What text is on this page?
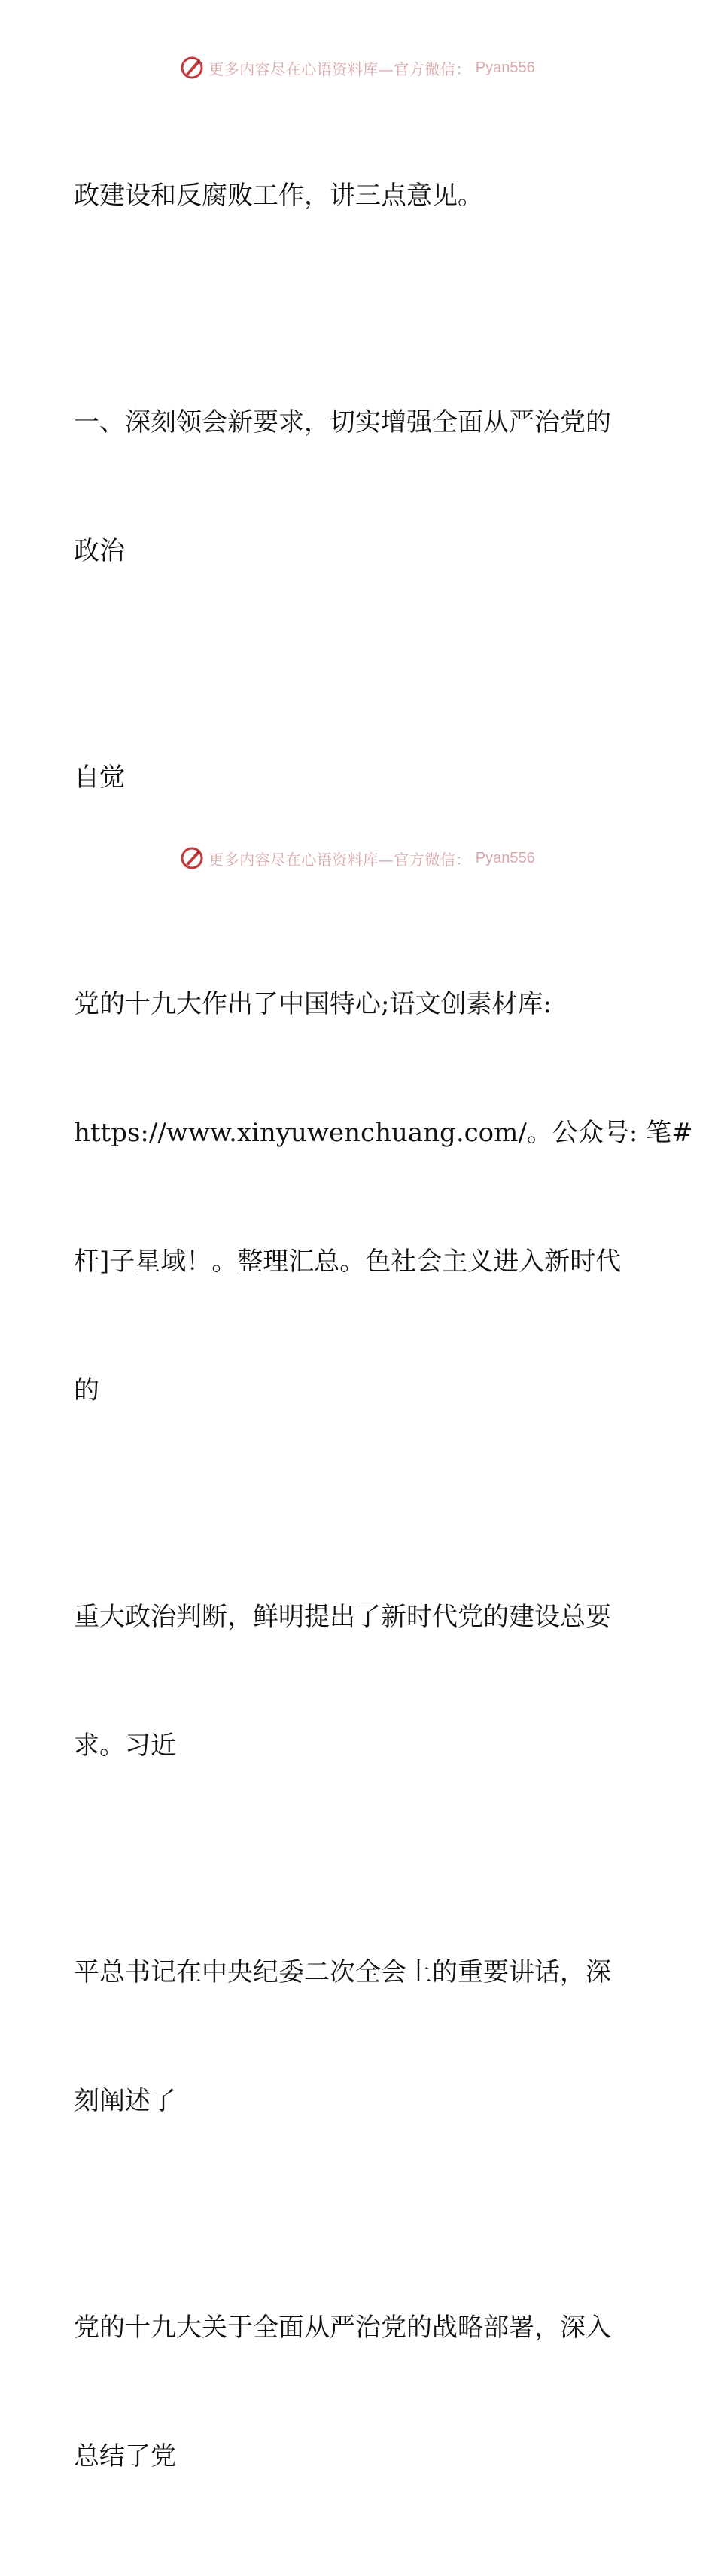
更多内容尽在心语资料库—官方微信： Pyan556

政建设和反腐败工作，讲三点意见。

一、深刻领会新要求，切实增强全面从严治党的

政治

自觉

党的十九大作出了中国特心;语文创素材库:

https://www.xinyuwenchuang.com/。公众号: 笔#

杆]子星域！。整理汇总。色社会主义进入新时代

的

重大政治判断，鲜明提出了新时代党的建设总要

求。习近

平总书记在中央纪委二次全会上的重要讲话，深

刻阐述了

党的十九大关于全面从严治党的战略部署，深入

总结了党

更多内容尽在心语资料库—官方微信： Pyan556
